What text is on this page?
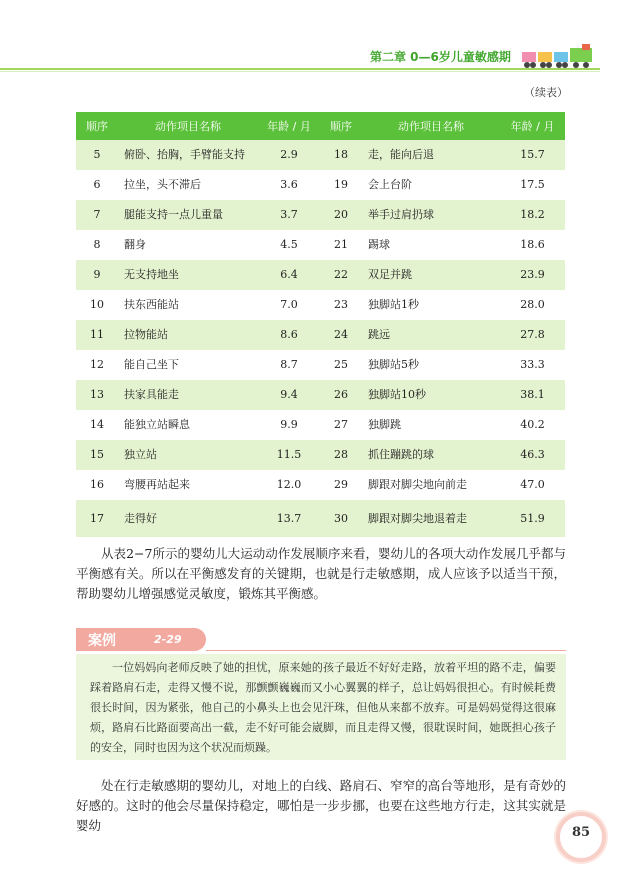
第二章 0—6岁儿童敏感期
（续表）
顺序	动作项目名称	年龄 / 月	顺序	动作项目名称	年龄 / 月
5	俯卧、抬胸，手臂能支持	2.9	18	走，能向后退	15.7
6	拉坐，头不滞后	3.6	19	会上台阶	17.5
7	腿能支持一点儿重量	3.7	20	举手过肩扔球	18.2
8	翻身	4.5	21	踢球	18.6
9	无支持地坐	6.4	22	双足并跳	23.9
10	扶东西能站	7.0	23	独脚站1秒	28.0
11	拉物能站	8.6	24	跳远	27.8
12	能自己坐下	8.7	25	独脚站5秒	33.3
13	扶家具能走	9.4	26	独脚站10秒	38.1
14	能独立站瞬息	9.9	27	独脚跳	40.2
15	独立站	11.5	28	抓住蹦跳的球	46.3
16	弯腰再站起来	12.0	29	脚跟对脚尖地向前走	47.0
17	走得好	13.7	30	脚跟对脚尖地退着走	51.9
从表2−7所示的婴幼儿大运动动作发展顺序来看，婴幼儿的各项大动作发展几乎都与平衡感有关。所以在平衡感发育的关键期，也就是行走敏感期，成人应该予以适当干预，帮助婴幼儿增强感觉灵敏度，锻炼其平衡感。
案例	2-29
一位妈妈向老师反映了她的担忧，原来她的孩子最近不好好走路，放着平坦的路不走，偏要踩着路肩石走，走得又慢不说，那颤颤巍巍而又小心翼翼的样子，总让妈妈很担心。有时候耗费很长时间，因为紧张，他自己的小鼻头上也会见汗珠，但他从来都不放弃。可是妈妈觉得这很麻烦，路肩石比路面要高出一截，走不好可能会崴脚，而且走得又慢，很耽误时间，她既担心孩子的安全，同时也因为这个状况而烦躁。
处在行走敏感期的婴幼儿，对地上的白线、路肩石、窄窄的高台等地形，是有奇妙的好感的。这时的他会尽量保持稳定，哪怕是一步步挪，也要在这些地方行走，这其实就是婴幼	85
